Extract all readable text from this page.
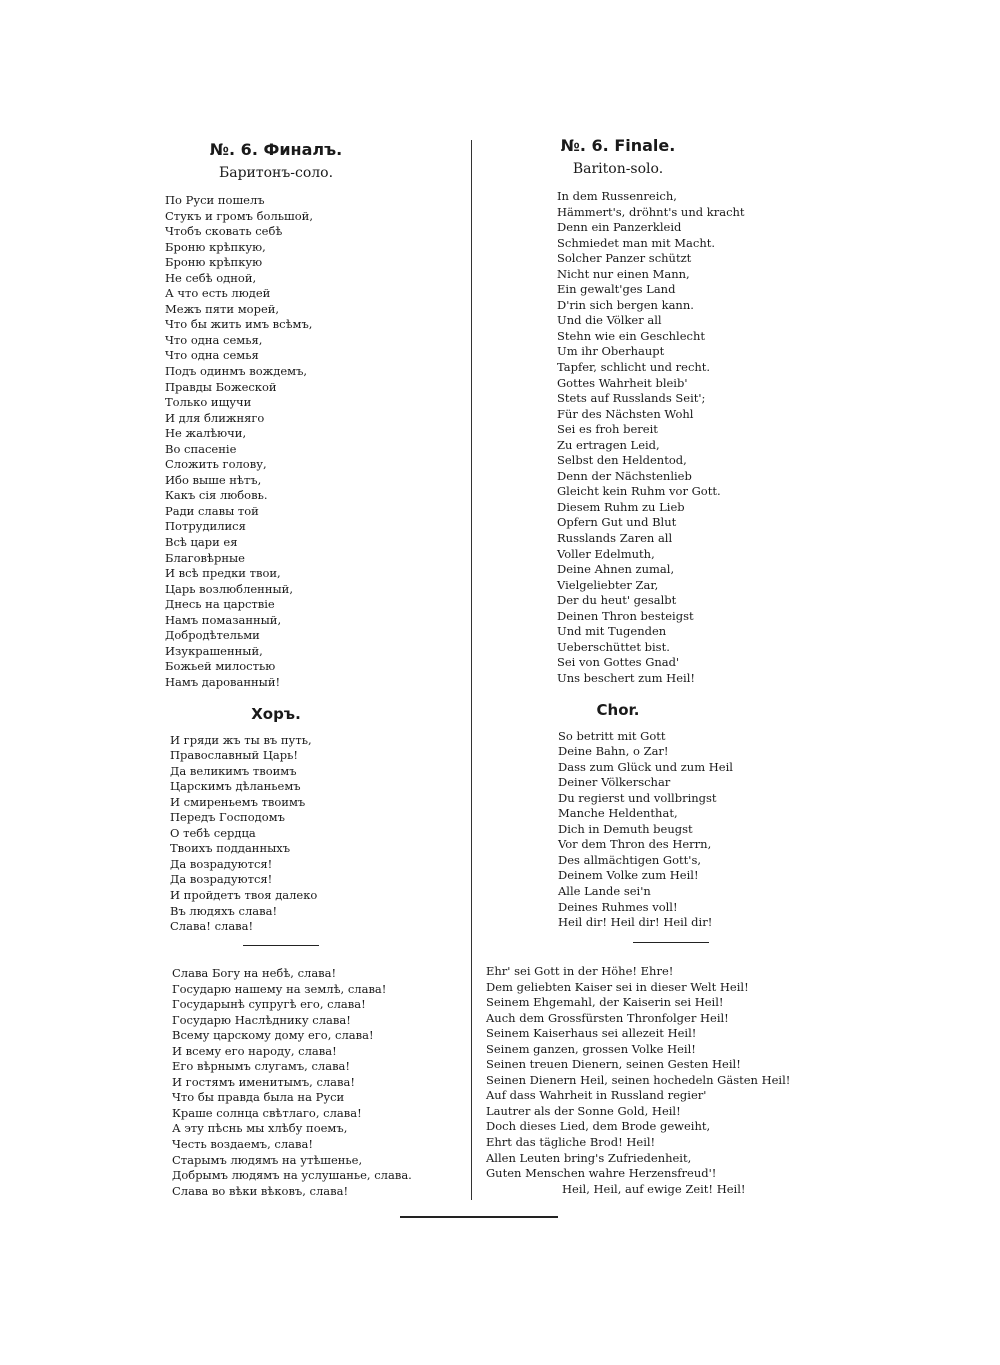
№. 6. Финалъ.
Баритонъ-соло.
По Руси пошелъ
Стукъ и громъ большой,
Чтобъ сковать себѣ
Броню крѣпкую,
Броню крѣпкую
Не себѣ одной,
А что есть людей
Межъ пяти морей,
Что бы жить имъ всѣмъ,
Что одна семья,
Что одна семья
Подъ одинмъ вождемъ,
Правды Божеской
Только ищучи
И для ближняго
Не жалѣючи,
Во спасеніе
Сложить голову,
Ибо выше нѣтъ,
Какъ сія любовь.
Ради славы той
Потрудилися
Всѣ цари ея
Благовѣрные
И всѣ предки твои,
Царь возлюбленный,
Днесь на царствіе
Намъ помазанный,
Добродѣтельми
Изукрашенный,
Божьей милостью
Намъ дарованный!
Хоръ.
И гряди жъ ты въ путь,
Православный Царь!
Да великимъ твоимъ
Царскимъ дѣланьемъ
И смиреньемъ твоимъ
Передъ Господомъ
О тебѣ сердца
Твоихъ подданныхъ
Да возрадуются!
Да возрадуются!
И пройдетъ твоя далеко
Въ людяхъ слава!
Слава! слава!
Слава Богу на небѣ, слава!
Государю нашему на землѣ, слава!
Государынѣ супругѣ его, слава!
Государю Наслѣднику слава!
Всему царскому дому его, слава!
И всему его народу, слава!
Его вѣрнымъ слугамъ, слава!
И гостямъ именитымъ, слава!
Что бы правда была на Руси
Краше солнца свѣтлаго, слава!
А эту пѣснь мы хлѣбу поемъ,
Честь воздаемъ, слава!
Старымъ людямъ на утѣшенье,
Добрымъ людямъ на услушанье, слава.
Слава во вѣки вѣковъ, слава!
№. 6. Finale.
Bariton-solo.
In dem Russenreich,
Hämmert's, dröhnt's und kracht
Denn ein Panzerkleid
Schmiedet man mit Macht.
Solcher Panzer schützt
Nicht nur einen Mann,
Ein gewalt'ges Land
D'rin sich bergen kann.
Und die Völker all
Stehn wie ein Geschlecht
Um ihr Oberhaupt
Tapfer, schlicht und recht.
Gottes Wahrheit bleib'
Stets auf Russlands Seit';
Für des Nächsten Wohl
Sei es froh bereit
Zu ertragen Leid,
Selbst den Heldentod,
Denn der Nächstenlieb
Gleicht kein Ruhm vor Gott.
Diesem Ruhm zu Lieb
Opfern Gut und Blut
Russlands Zaren all
Voller Edelmuth,
Deine Ahnen zumal,
Vielgeliebter Zar,
Der du heut' gesalbt
Deinen Thron besteigst
Und mit Tugenden
Ueberschüttet bist.
Sei von Gottes Gnad'
Uns beschert zum Heil!
Chor.
So betritt mit Gott
Deine Bahn, o Zar!
Dass zum Glück und zum Heil
Deiner Völkerschar
Du regierst und vollbringst
Manche Heldenthat,
Dich in Demuth beugst
Vor dem Thron des Herrn,
Des allmächtigen Gott's,
Deinem Volke zum Heil!
Alle Lande sei'n
Deines Ruhmes voll!
Heil dir! Heil dir! Heil dir!
Ehr' sei Gott in der Höhe! Ehre!
Dem geliebten Kaiser sei in dieser Welt Heil!
Seinem Ehgemahl, der Kaiserin sei Heil!
Auch dem Grossfürsten Thronfolger Heil!
Seinem Kaiserhaus sei allezeit Heil!
Seinem ganzen, grossen Volke Heil!
Seinen treuen Dienern, seinen Gesten Heil!
Seinen Dienern Heil, seinen hochedeln Gästen Heil!
Auf dass Wahrheit in Russland regier'
Lautrer als der Sonne Gold, Heil!
Doch dieses Lied, dem Brode geweiht,
Ehrt das tägliche Brod! Heil!
Allen Leuten bring's Zufriedenheit,
Guten Menschen wahre Herzensfreud'!
Heil, Heil, auf ewige Zeit! Heil!
